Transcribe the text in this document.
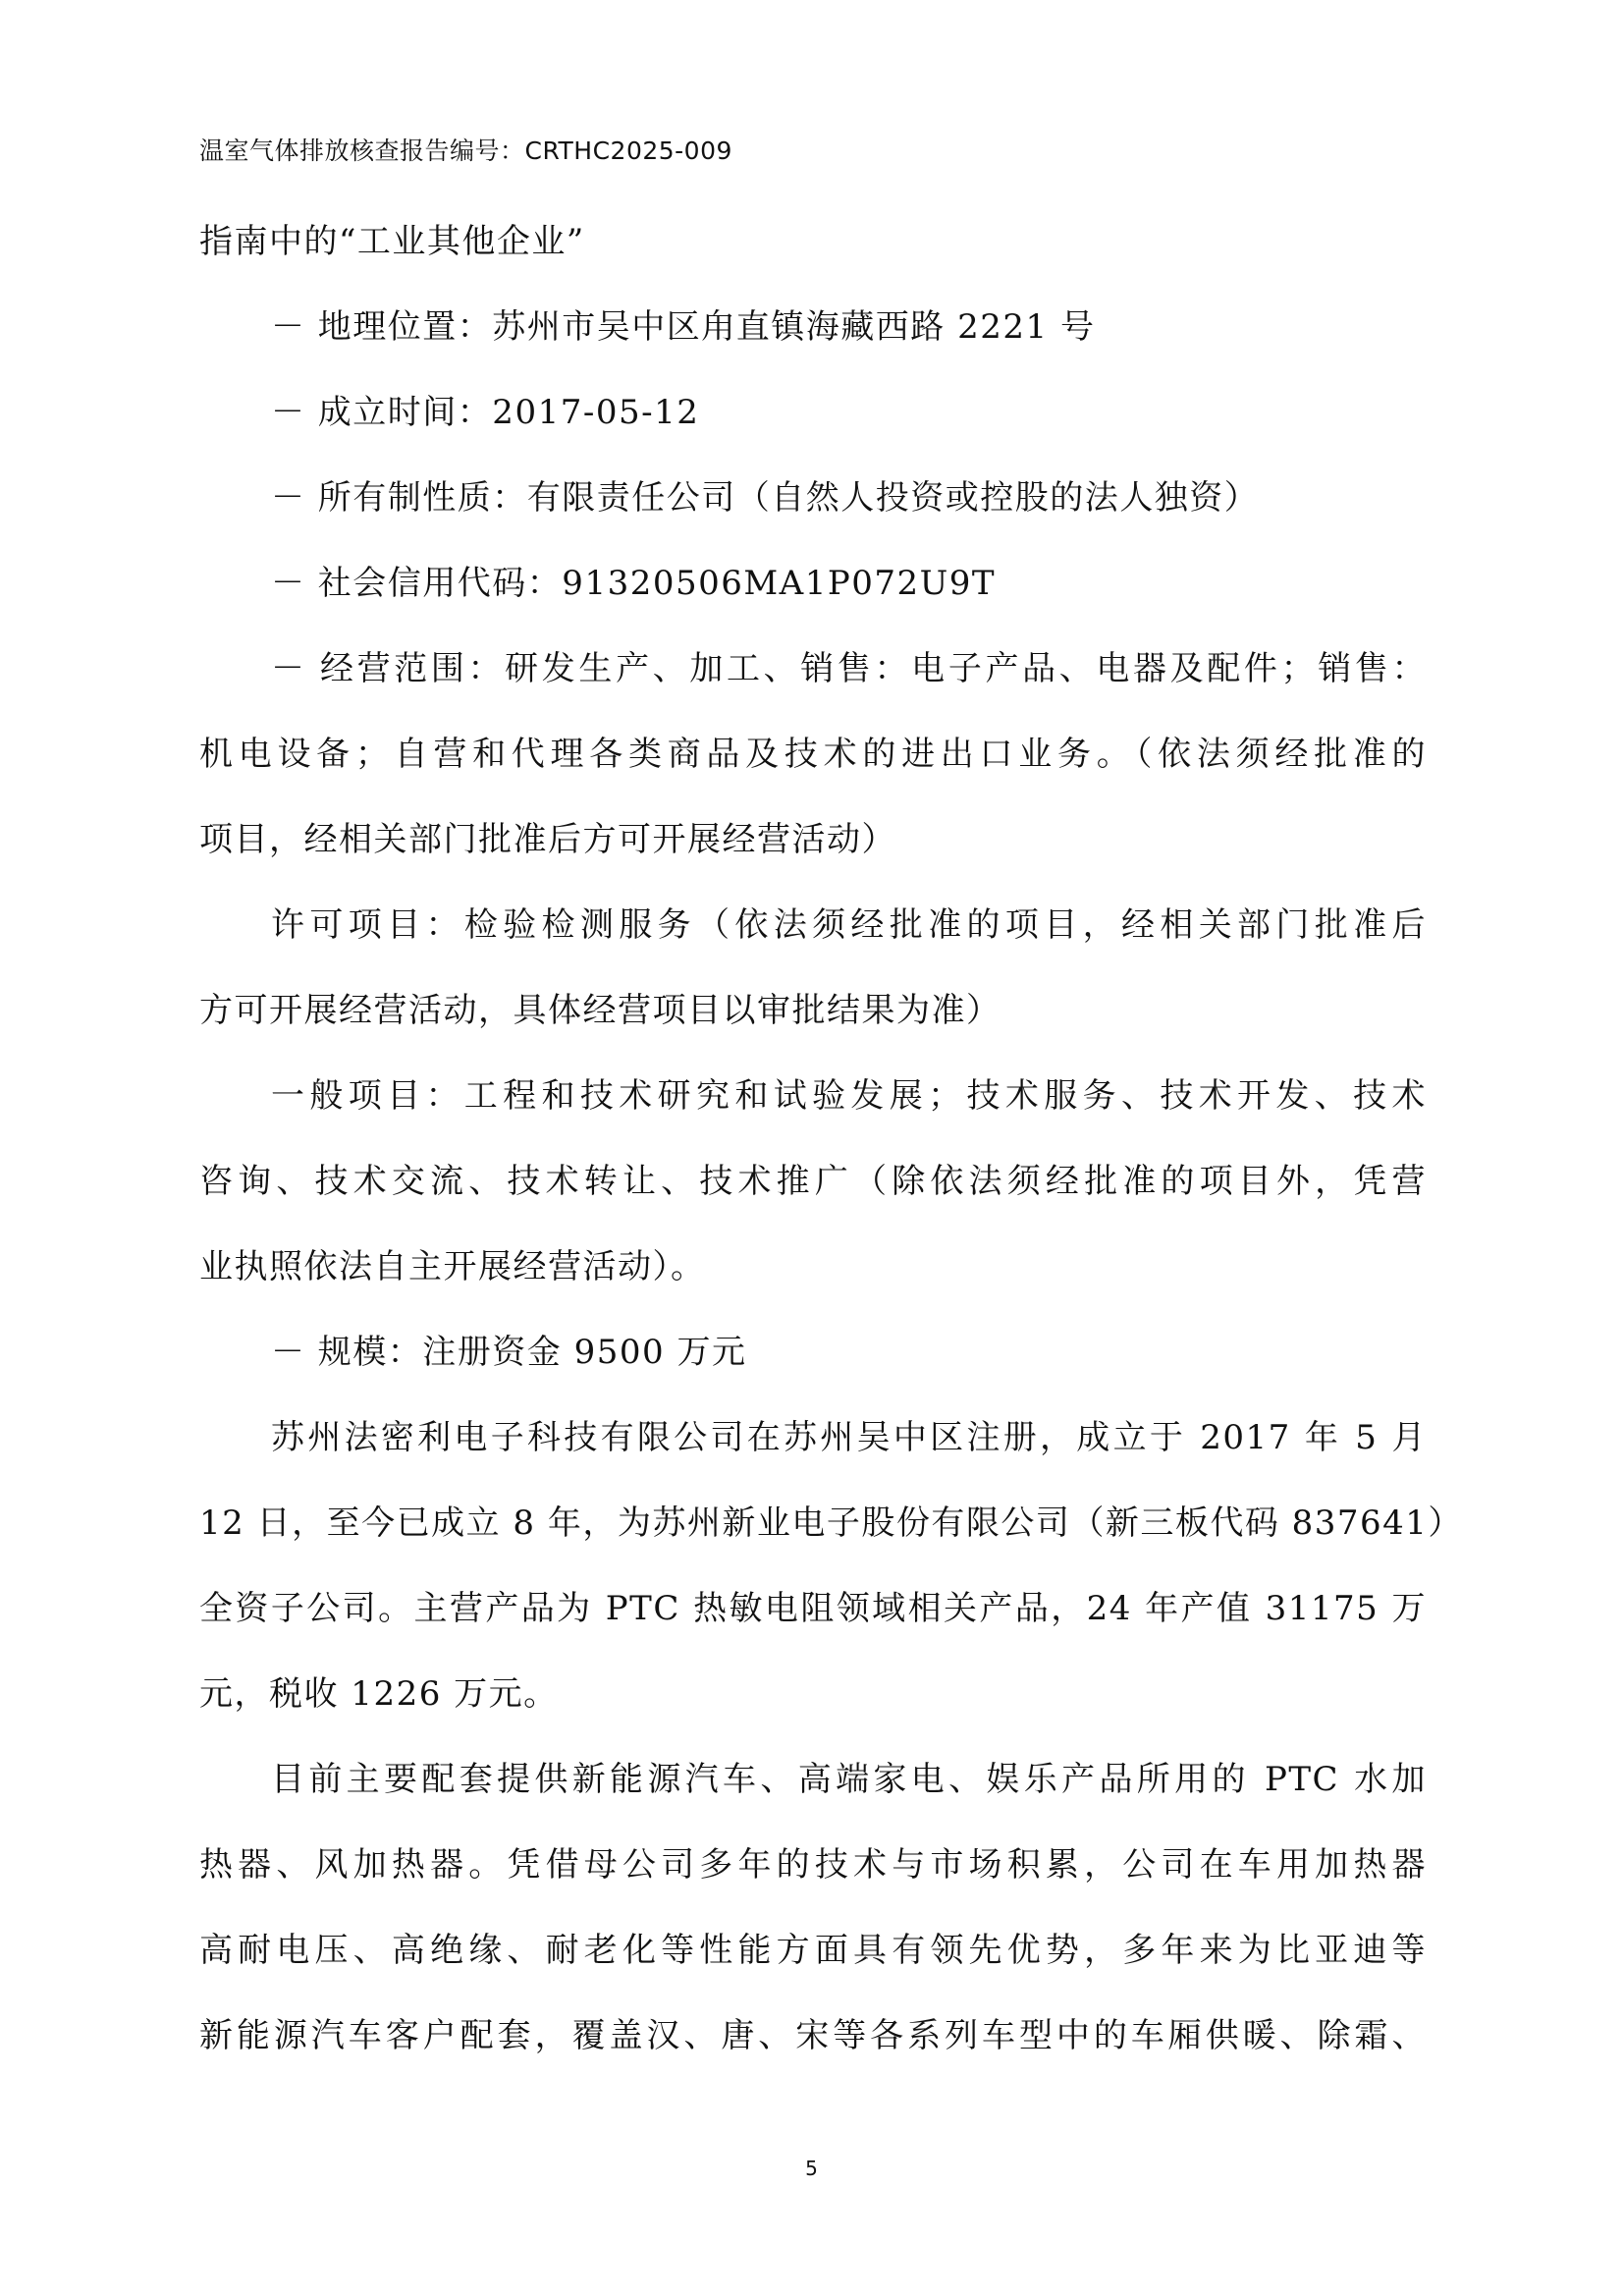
温室气体排放核查报告编号：CRTHC2025-009
指南中的“工业其他企业”
－ 地理位置：苏州市吴中区甪直镇海藏西路 2221 号
－ 成立时间：2017-05-12
－ 所有制性质：有限责任公司（自然人投资或控股的法人独资）
－ 社会信用代码：91320506MA1P072U9T
－ 经营范围：研发生产、加工、销售：电子产品、电器及配件；销售：
机电设备；自营和代理各类商品及技术的进出口业务。（依法须经批准的
项目，经相关部门批准后方可开展经营活动）
许可项目：检验检测服务（依法须经批准的项目，经相关部门批准后
方可开展经营活动，具体经营项目以审批结果为准）
一般项目：工程和技术研究和试验发展；技术服务、技术开发、技术
咨询、技术交流、技术转让、技术推广（除依法须经批准的项目外，凭营
业执照依法自主开展经营活动）。
－ 规模：注册资金 9500 万元
苏州法密利电子科技有限公司在苏州吴中区注册，成立于 2017 年 5 月
12 日，至今已成立 8 年，为苏州新业电子股份有限公司（新三板代码 837641）
全资子公司。主营产品为 PTC 热敏电阻领域相关产品，24 年产值 31175 万
元，税收 1226 万元。
目前主要配套提供新能源汽车、高端家电、娱乐产品所用的 PTC 水加
热器、风加热器。凭借母公司多年的技术与市场积累，公司在车用加热器
高耐电压、高绝缘、耐老化等性能方面具有领先优势，多年来为比亚迪等
新能源汽车客户配套，覆盖汉、唐、宋等各系列车型中的车厢供暖、除霜、
5
